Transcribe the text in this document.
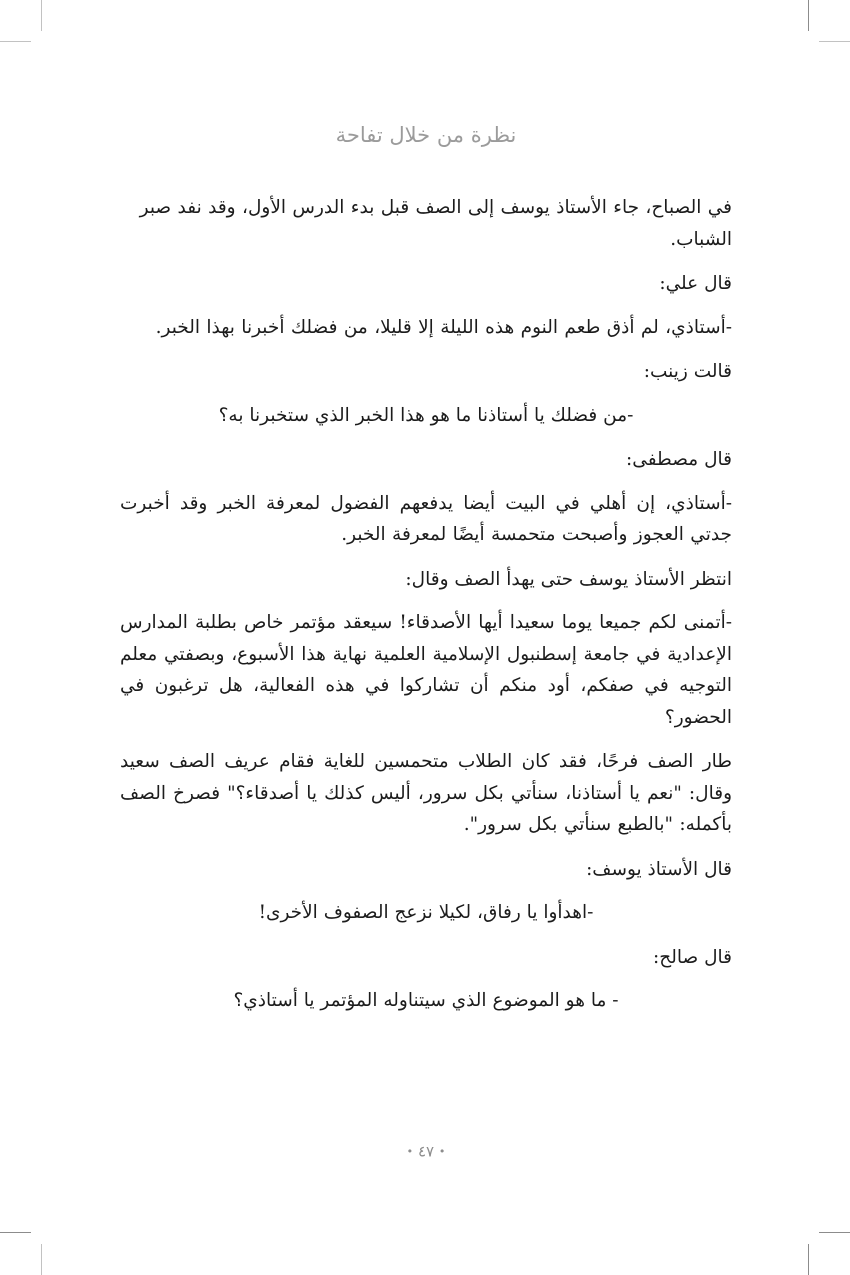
نظرة من خلال تفاحة

في الصباح، جاء الأستاذ يوسف إلى الصف قبل بدء الدرس الأول، وقد نفد صبر الشباب.

قال علي:

-أستاذي، لم أذق طعم النوم هذه الليلة إلا قليلا، من فضلك أخبرنا بهذا الخبر.

قالت زينب:

-من فضلك يا أستاذنا ما هو هذا الخبر الذي ستخبرنا به؟

قال مصطفى:

-أستاذي، إن أهلي في البيت أيضا يدفعهم الفضول لمعرفة الخبر وقد أخبرت جدتي العجوز وأصبحت متحمسة أيضًا لمعرفة الخبر.

انتظر الأستاذ يوسف حتى يهدأ الصف وقال:

-أتمنى لكم جميعا يوما سعيدا أيها الأصدقاء! سيعقد مؤتمر خاص بطلبة المدارس الإعدادية في جامعة إسطنبول الإسلامية العلمية نهاية هذا الأسبوع، وبصفتي معلم التوجيه في صفكم، أود منكم أن تشاركوا في هذه الفعالية، هل ترغبون في الحضور؟

طار الصف فرحًا، فقد كان الطلاب متحمسين للغاية فقام عريف الصف سعيد وقال: "نعم يا أستاذنا، سنأتي بكل سرور، أليس كذلك يا أصدقاء؟" فصرخ الصف بأكمله: "بالطبع سنأتي بكل سرور".

قال الأستاذ يوسف:

-اهدأوا يا رفاق، لكيلا نزعج الصفوف الأخرى!

قال صالح:

- ما هو الموضوع الذي سيتناوله المؤتمر يا أستاذي؟

• ٤٧ •
